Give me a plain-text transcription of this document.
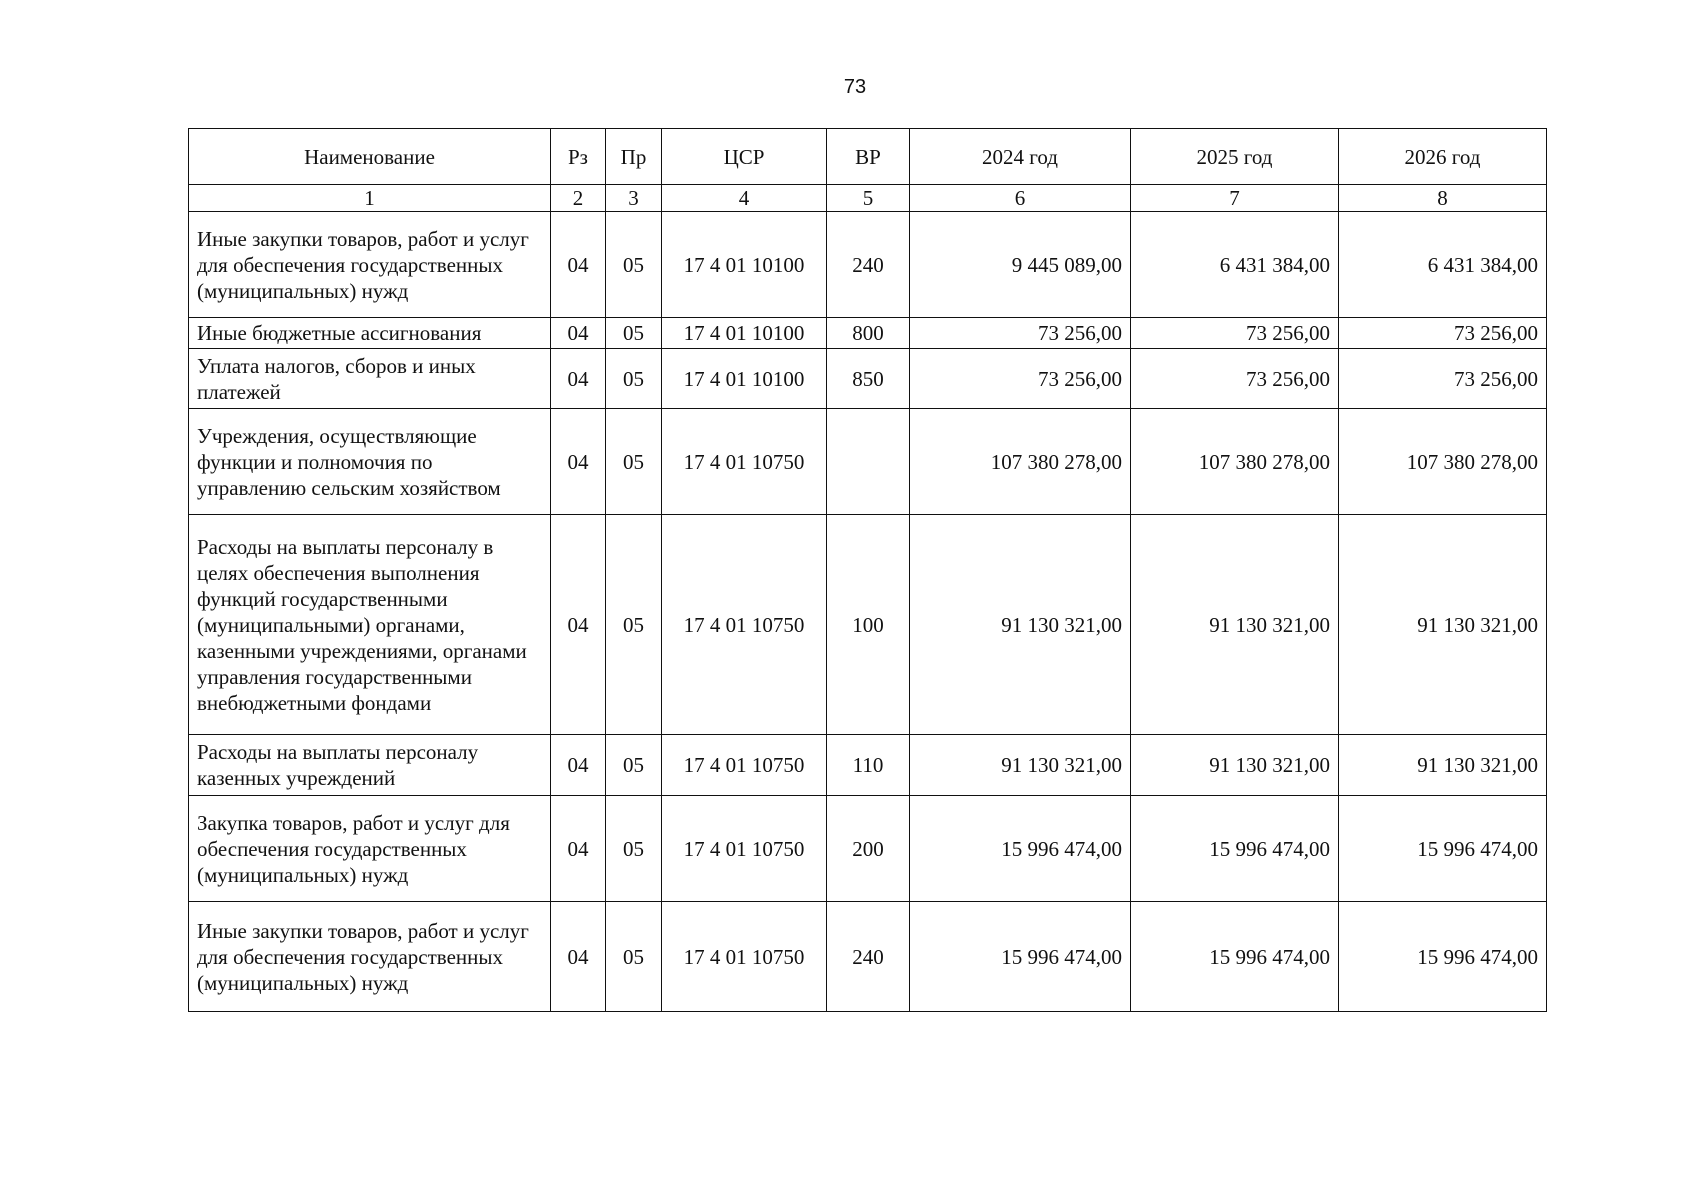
73
Наименование	Рз	Пр	ЦСР	ВР	2024 год	2025 год	2026 год
1	2	3	4	5	6	7	8
Иные закупки товаров, работ и услуг для обеспечения государственных (муниципальных) нужд	04	05	17 4 01 10100	240	9 445 089,00	6 431 384,00	6 431 384,00
Иные бюджетные ассигнования	04	05	17 4 01 10100	800	73 256,00	73 256,00	73 256,00
Уплата налогов, сборов и иных платежей	04	05	17 4 01 10100	850	73 256,00	73 256,00	73 256,00
Учреждения, осуществляющие функции и полномочия по управлению сельским хозяйством	04	05	17 4 01 10750		107 380 278,00	107 380 278,00	107 380 278,00
Расходы на выплаты персоналу в целях обеспечения выполнения функций государственными (муниципальными) органами, казенными учреждениями, органами управления государственными внебюджетными фондами	04	05	17 4 01 10750	100	91 130 321,00	91 130 321,00	91 130 321,00
Расходы на выплаты персоналу казенных учреждений	04	05	17 4 01 10750	110	91 130 321,00	91 130 321,00	91 130 321,00
Закупка товаров, работ и услуг для обеспечения государственных (муниципальных) нужд	04	05	17 4 01 10750	200	15 996 474,00	15 996 474,00	15 996 474,00
Иные закупки товаров, работ и услуг для обеспечения государственных (муниципальных) нужд	04	05	17 4 01 10750	240	15 996 474,00	15 996 474,00	15 996 474,00
